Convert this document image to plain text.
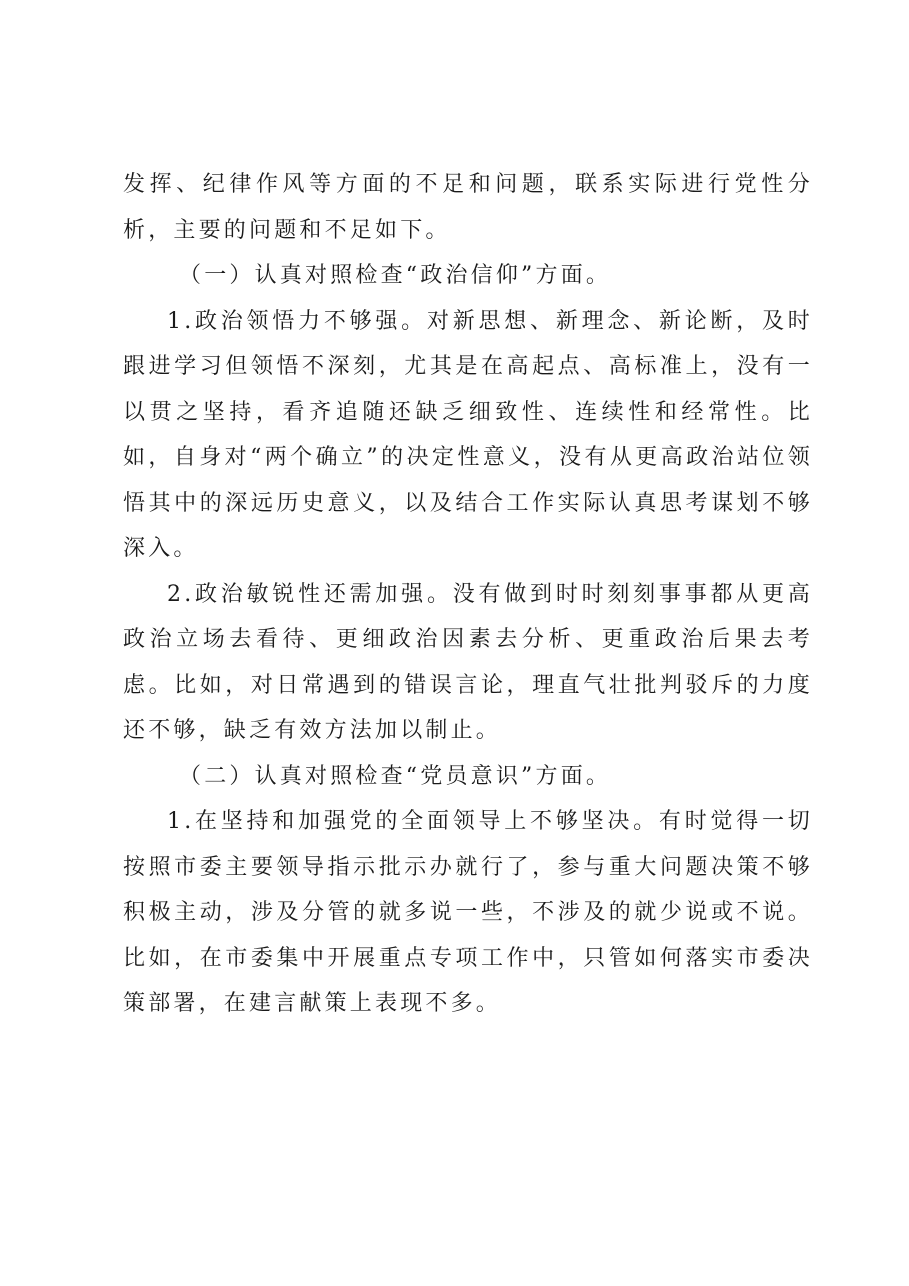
发挥、纪律作风等方面的不足和问题，联系实际进行党性分析，主要的问题和不足如下。

（一）认真对照检查“政治信仰”方面。

1.政治领悟力不够强。对新思想、新理念、新论断，及时跟进学习但领悟不深刻，尤其是在高起点、高标准上，没有一以贯之坚持，看齐追随还缺乏细致性、连续性和经常性。比如，自身对“两个确立”的决定性意义，没有从更高政治站位领悟其中的深远历史意义，以及结合工作实际认真思考谋划不够深入。

2.政治敏锐性还需加强。没有做到时时刻刻事事都从更高政治立场去看待、更细政治因素去分析、更重政治后果去考虑。比如，对日常遇到的错误言论，理直气壮批判驳斥的力度还不够，缺乏有效方法加以制止。

（二）认真对照检查“党员意识”方面。

1.在坚持和加强党的全面领导上不够坚决。有时觉得一切按照市委主要领导指示批示办就行了，参与重大问题决策不够积极主动，涉及分管的就多说一些，不涉及的就少说或不说。比如，在市委集中开展重点专项工作中，只管如何落实市委决策部署，在建言献策上表现不多。
